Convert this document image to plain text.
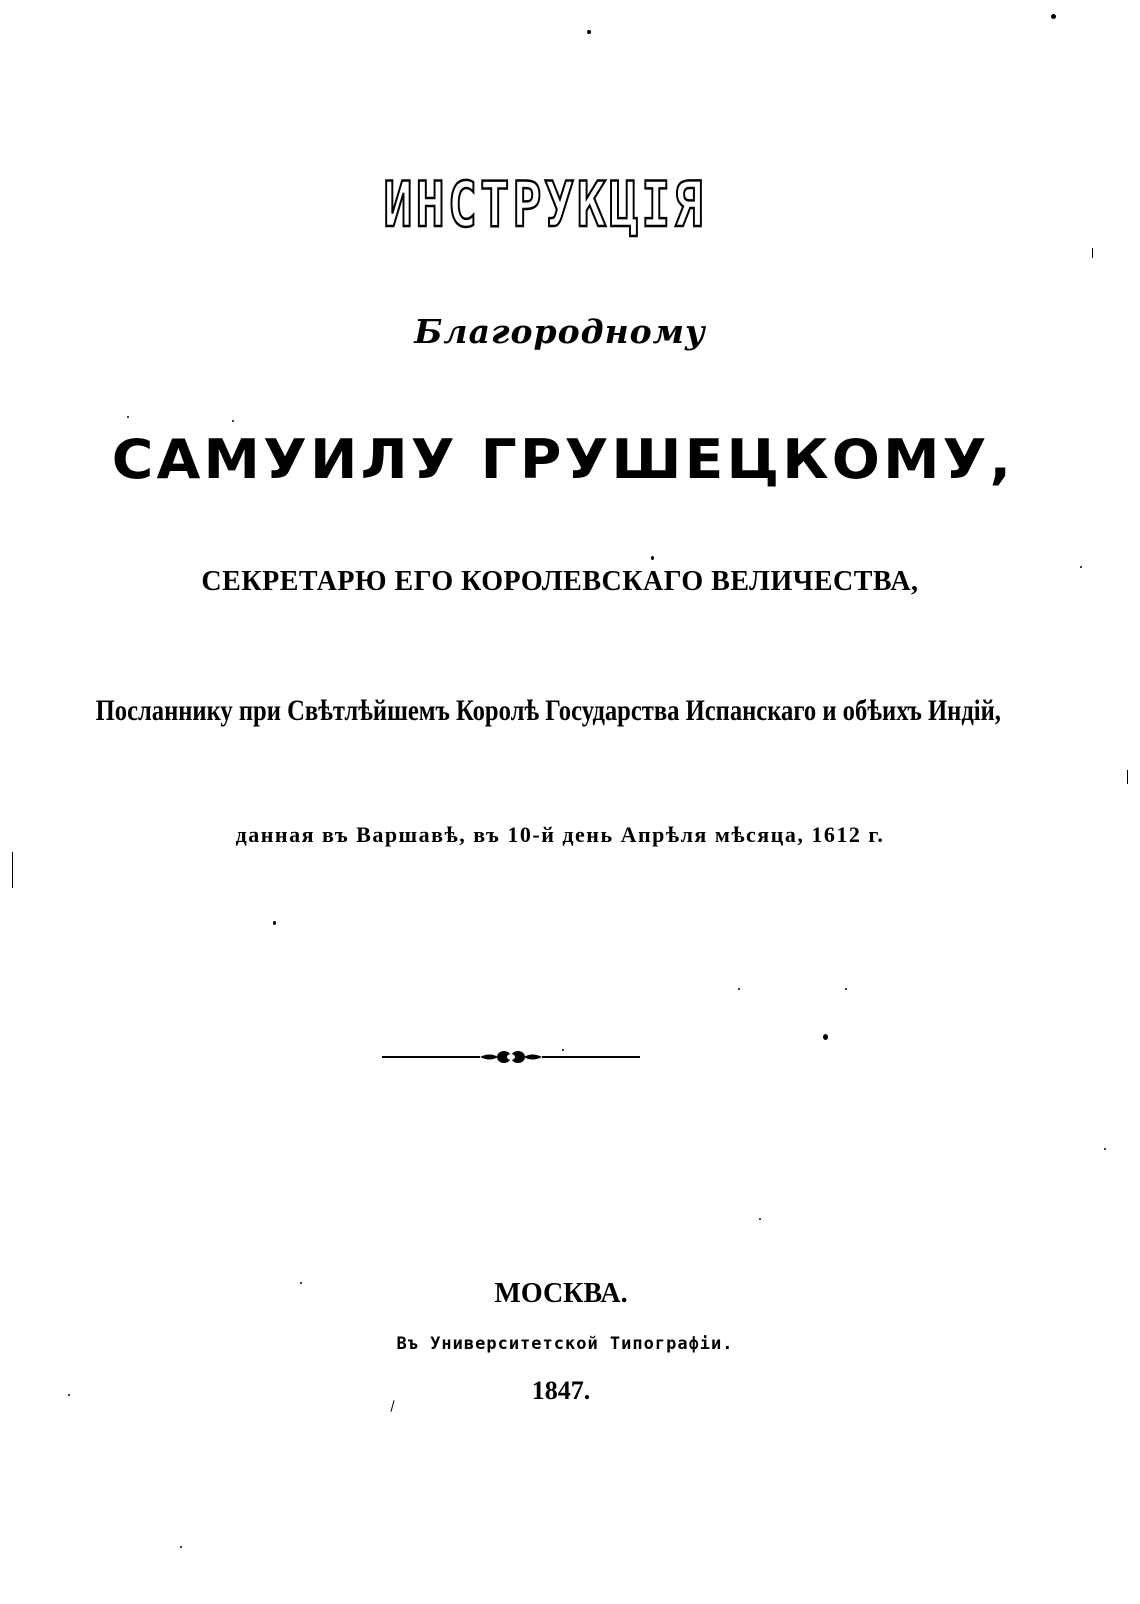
ИНСТРУКЦІЯ
Благородному
САМУИЛУ ГРУШЕЦКОМУ,
СЕКРЕТАРЮ ЕГО КОРОЛЕВСКАГО ВЕЛИЧЕСТВА,
Посланнику при Свѣтлѣйшемъ Королѣ Государства Испанскаго и обѣихъ Индій,
данная въ Варшавѣ, въ 10-й день Апрѣля мѣсяца, 1612 г.
МОСКВА.
Въ Университетской Типографіи.
1847.
